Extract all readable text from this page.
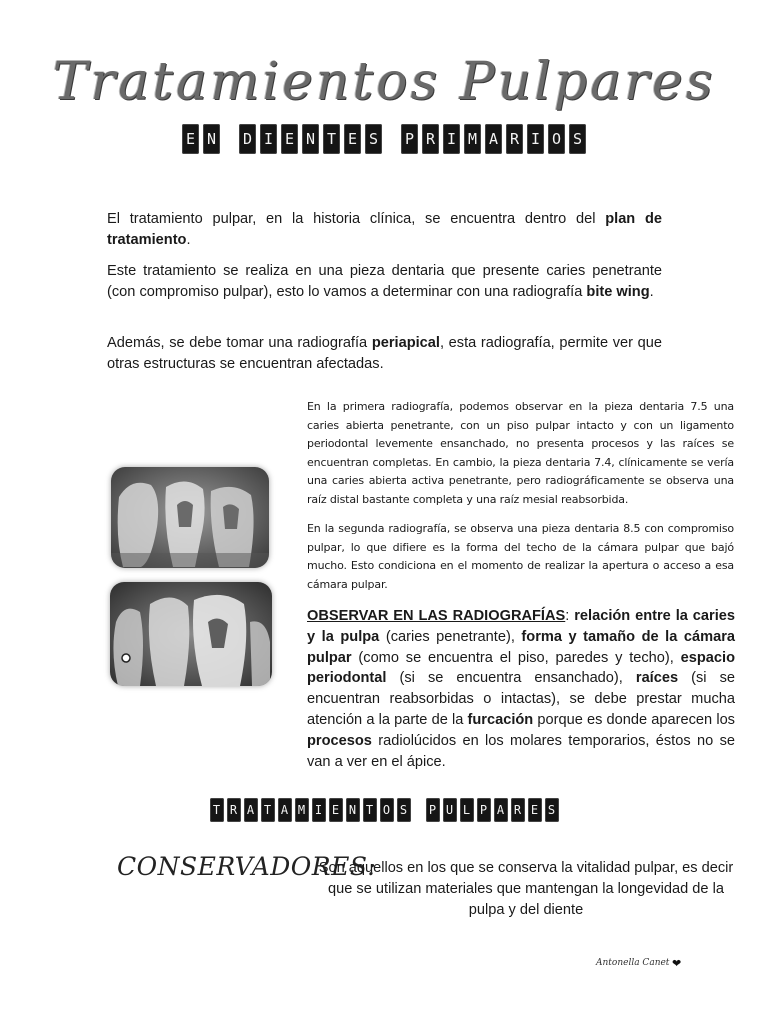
Tratamientos Pulpares
E N D I E N T E S P R I M A R I O S

El tratamiento pulpar, en la historia clínica, se encuentra dentro del plan de tratamiento.

Este tratamiento se realiza en una pieza dentaria que presente caries penetrante (con compromiso pulpar), esto lo vamos a determinar con una radiografía bite wing.

Además, se debe tomar una radiografía periapical, esta radiografía, permite ver que otras estructuras se encuentran afectadas.

En la primera radiografía, podemos observar en la pieza dentaria 7.5 una caries abierta penetrante, con un piso pulpar intacto y con un ligamento periodontal levemente ensanchado, no presenta procesos y las raíces se encuentran completas. En cambio, la pieza dentaria 7.4, clínicamente se vería una caries abierta activa penetrante, pero radiográficamente se observa una raíz distal bastante completa y una raíz mesial reabsorbida.

En la segunda radiografía, se observa una pieza dentaria 8.5 con compromiso pulpar, lo que difiere es la forma del techo de la cámara pulpar que bajó mucho. Esto condiciona en el momento de realizar la apertura o acceso a esa cámara pulpar.

OBSERVAR EN LAS RADIOGRAFÍAS: relación entre la caries y la pulpa (caries penetrante), forma y tamaño de la cámara pulpar (como se encuentra el piso, paredes y techo), espacio periodontal (si se encuentra ensanchado), raíces (si se encuentran reabsorbidas o intactas), se debe prestar mucha atención a la parte de la furcación porque es donde aparecen los procesos radiolúcidos en los molares temporarios, éstos no se van a ver en el ápice.

T R A T A M I E N T O S P U L P A R E S
CONSERVADORES:

Son aquellos en los que se conserva la vitalidad pulpar, es decir que se utilizan materiales que mantengan la longevidad de la pulpa y del diente

Antonella Canet ❤
